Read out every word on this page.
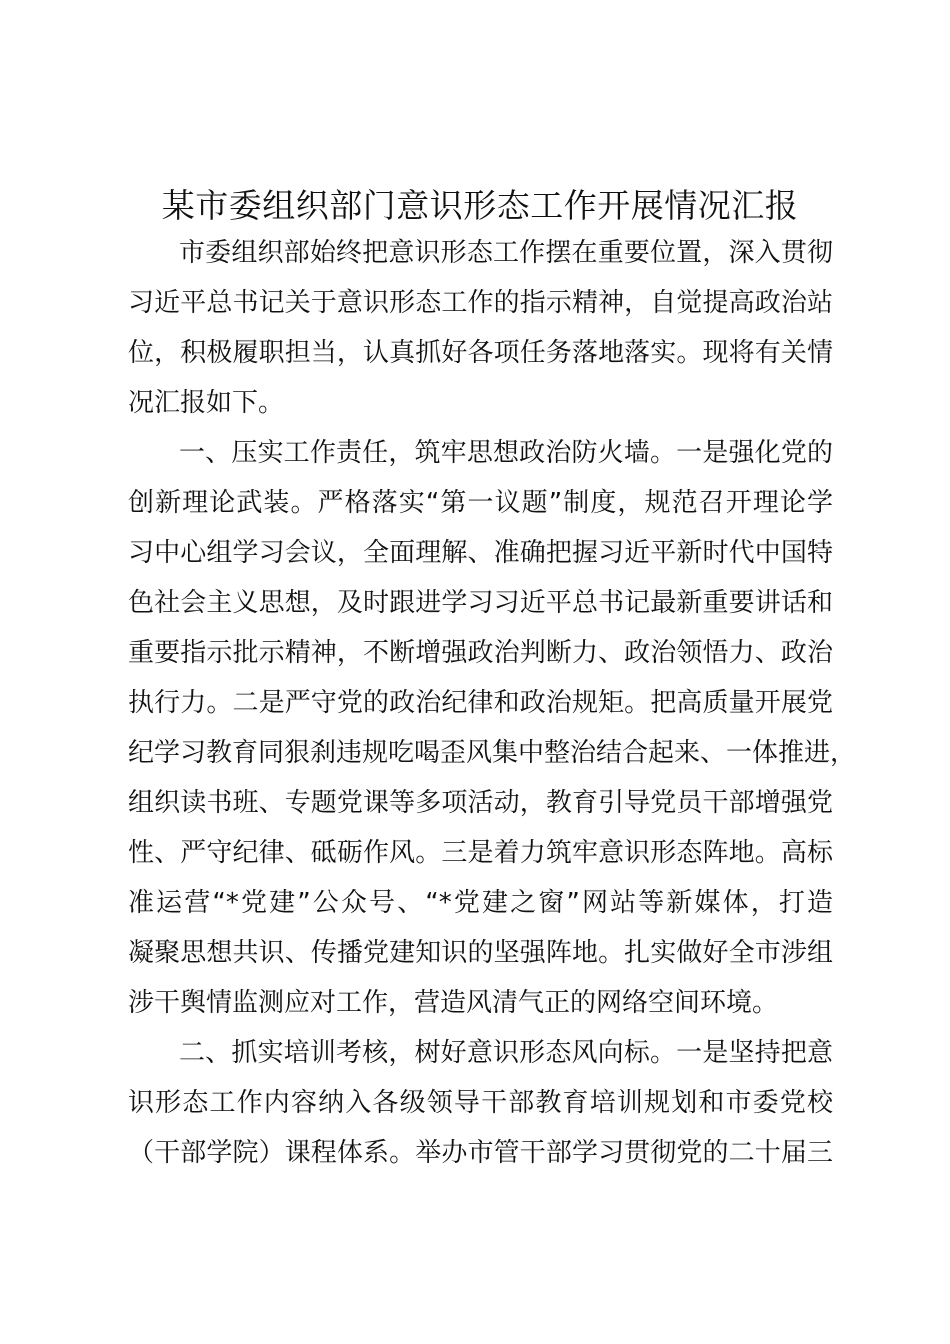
某市委组织部门意识形态工作开展情况汇报
市委组织部始终把意识形态工作摆在重要位置，深入贯彻
习近平总书记关于意识形态工作的指示精神，自觉提高政治站
位，积极履职担当，认真抓好各项任务落地落实。现将有关情
况汇报如下。
一、压实工作责任，筑牢思想政治防火墙。一是强化党的
创新理论武装。严格落实“第一议题”制度，规范召开理论学
习中心组学习会议，全面理解、准确把握习近平新时代中国特
色社会主义思想，及时跟进学习习近平总书记最新重要讲话和
重要指示批示精神，不断增强政治判断力、政治领悟力、政治
执行力。二是严守党的政治纪律和政治规矩。把高质量开展党
纪学习教育同狠刹违规吃喝歪风集中整治结合起来、一体推进，
组织读书班、专题党课等多项活动，教育引导党员干部增强党
性、严守纪律、砥砺作风。三是着力筑牢意识形态阵地。高标
准运营“*党建”公众号、“*党建之窗”网站等新媒体，打造
凝聚思想共识、传播党建知识的坚强阵地。扎实做好全市涉组
涉干舆情监测应对工作，营造风清气正的网络空间环境。
二、抓实培训考核，树好意识形态风向标。一是坚持把意
识形态工作内容纳入各级领导干部教育培训规划和市委党校
（干部学院）课程体系。举办市管干部学习贯彻党的二十届三
